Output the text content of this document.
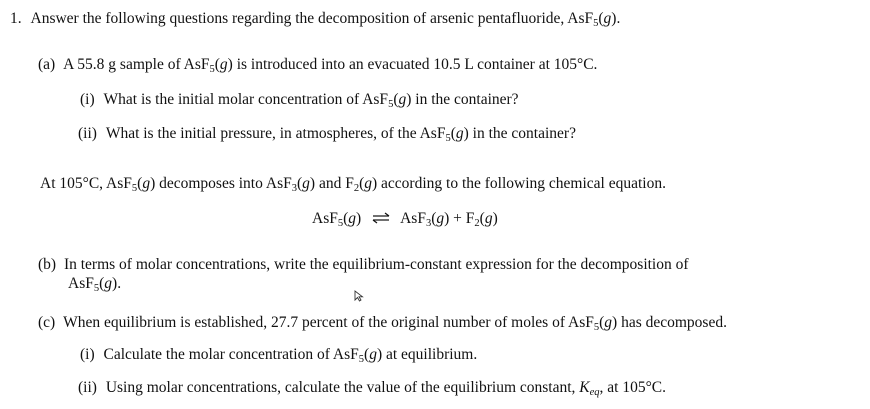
1. Answer the following questions regarding the decomposition of arsenic pentafluoride, AsF$_5$(g).
(a) A 55.8 g sample of AsF$_5$(g) is introduced into an evacuated 10.5 L container at 105°C.
(i) What is the initial molar concentration of AsF$_5$(g) in the container?
(ii) What is the initial pressure, in atmospheres, of the AsF$_5$(g) in the container?
At 105°C, AsF$_5$(g) decomposes into AsF$_3$(g) and $F_2(g)$ according to the following chemical equation.
AsF$_5$(g) ⇌ $AsF_3(g) + F_2(g)$
(b) In terms of molar concentrations, write the equilibrium-constant expression for the decomposition of
AsF$_5$(g).
(c) When equilibrium is established, 27.7 percent of the original number of moles of AsF$_5$(g) has decomposed.
(i) Calculate the molar concentration of AsF$_5$(g) at equilibrium.
(ii) Using molar concentrations, calculate the value of the equilibrium constant, $K_{eq}$, at 105°C.
